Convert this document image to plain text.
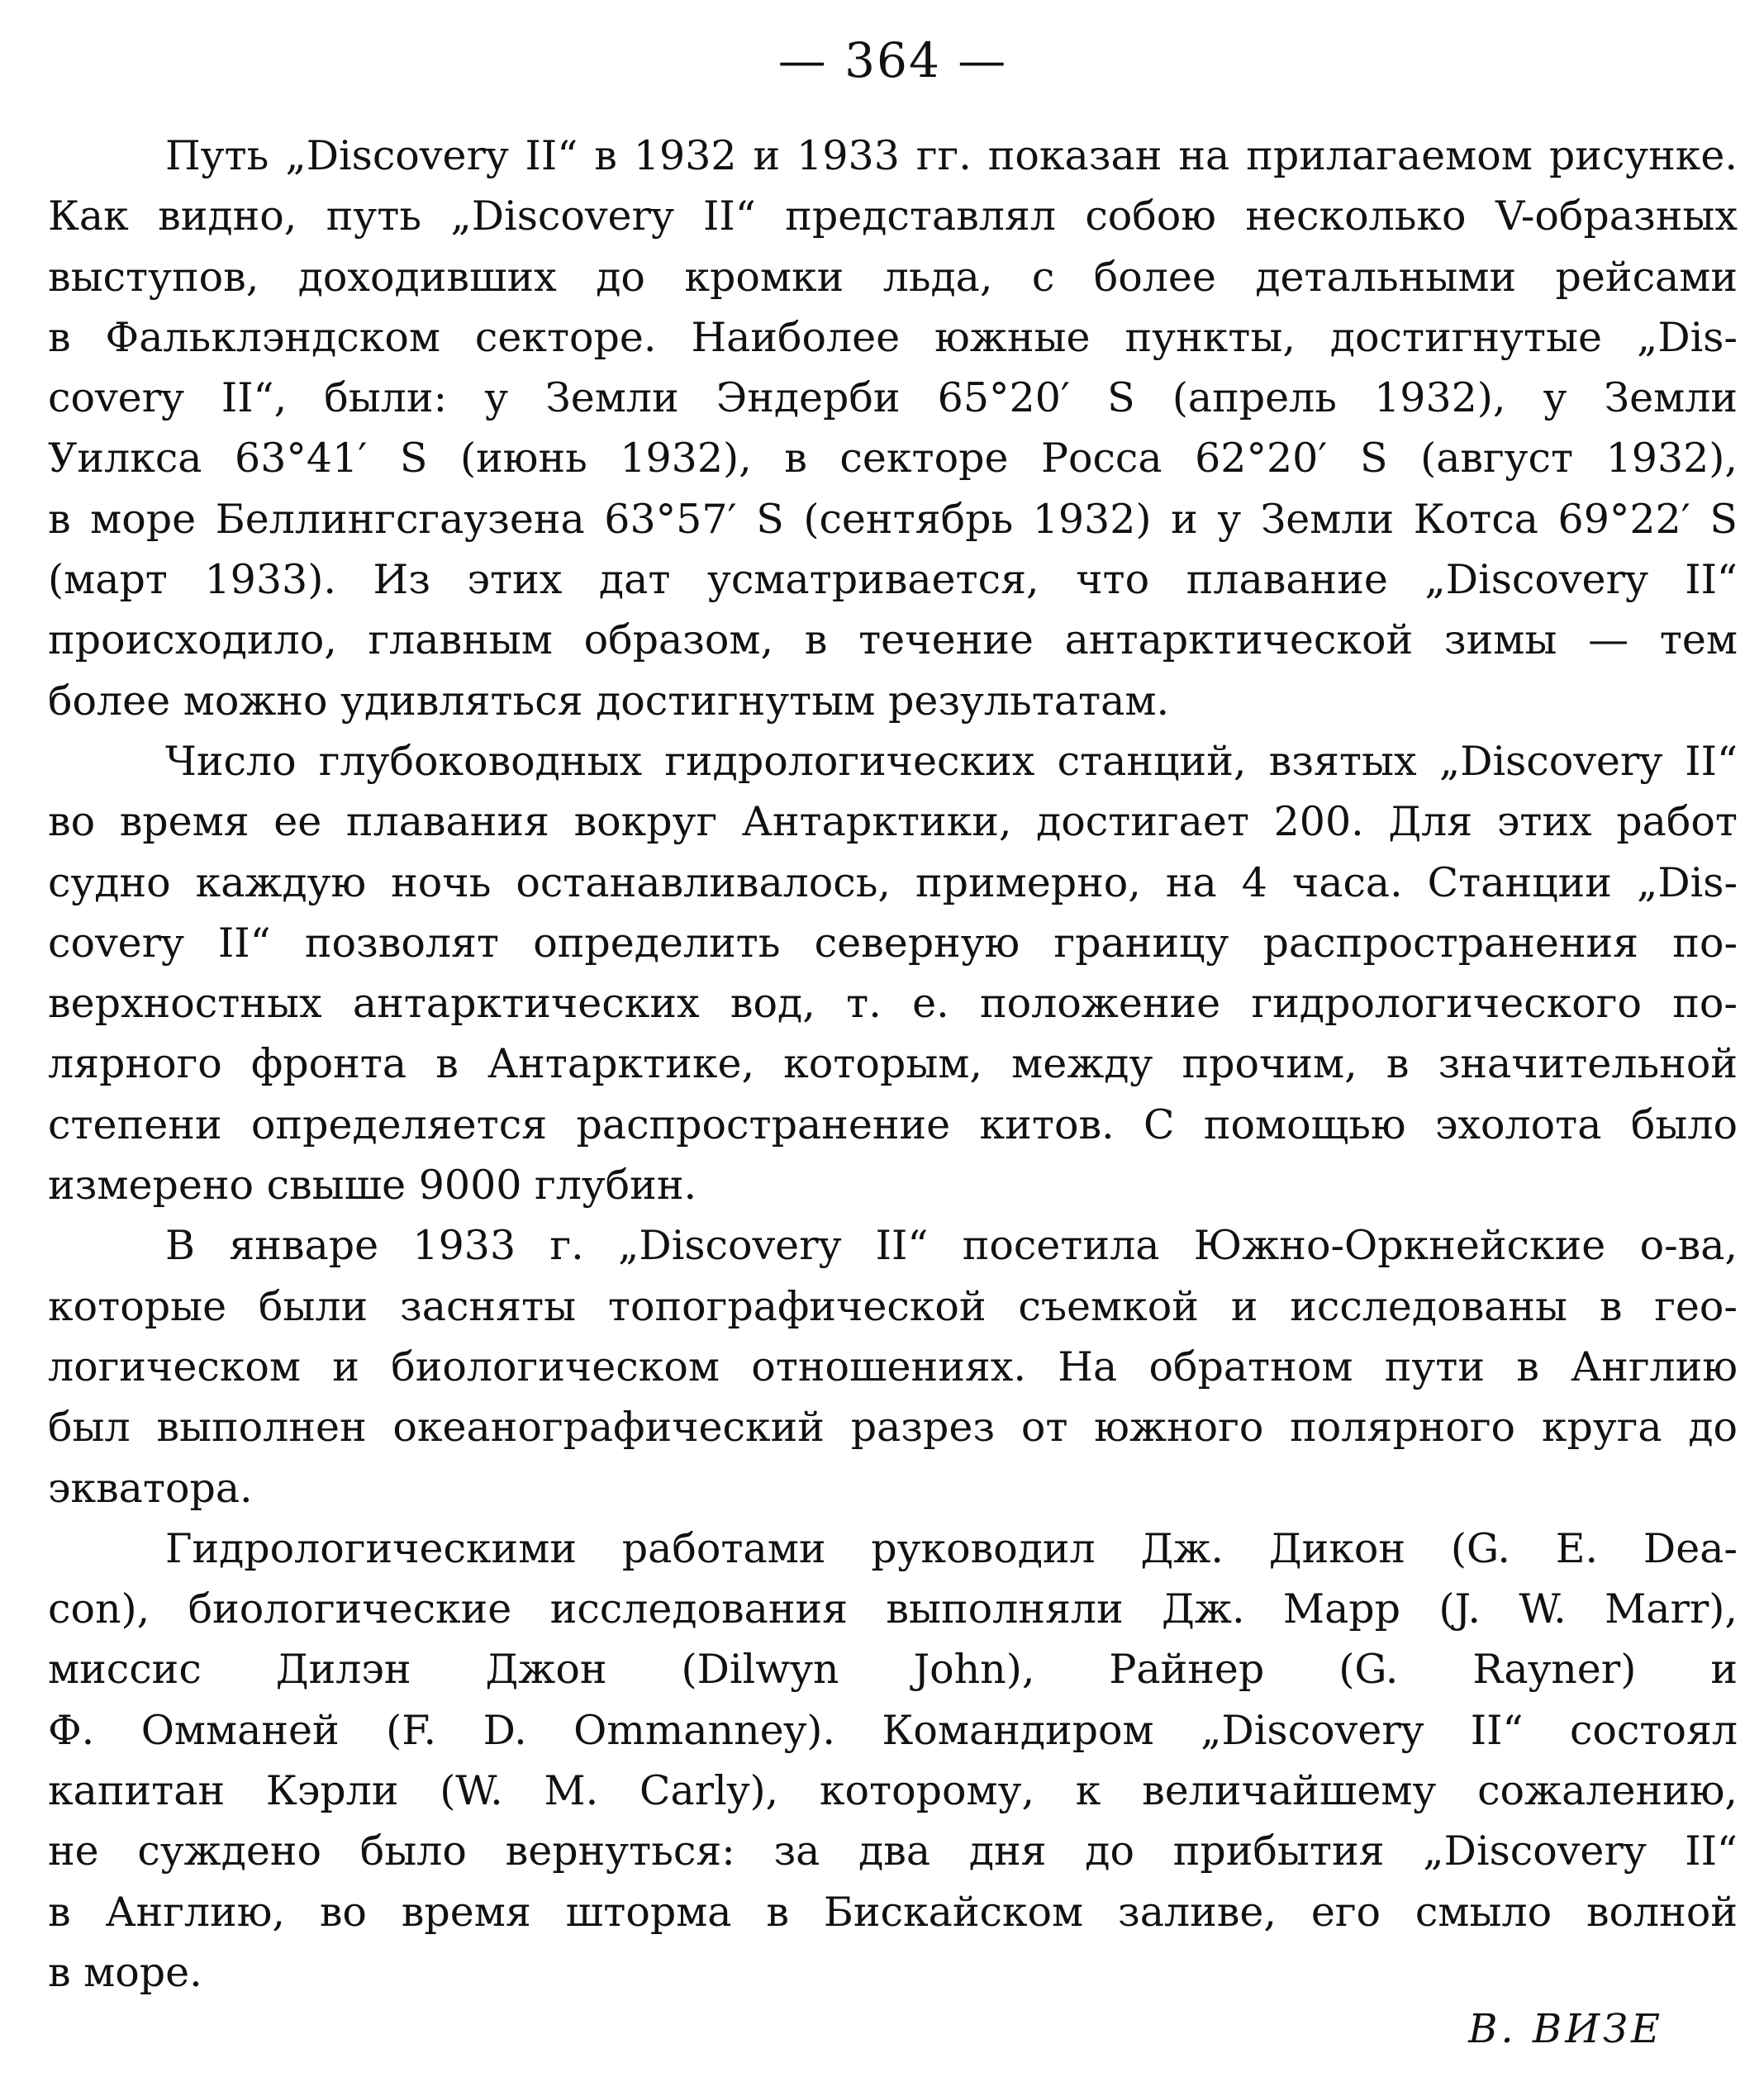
— 364 —

Путь „Discovery II“ в 1932 и 1933 гг. показан на прилагаемом рисунке.

Как видно, путь „Discovery II“ представлял собою несколько V-образных

выступов, доходивших до кромки льда, с более детальными рейсами

в Фальклэндском секторе. Наиболее южные пункты, достигнутые „Dis-

covery II“, были: у Земли Эндерби 65°20′ S (апрель 1932), у Земли

Уилкса 63°41′ S (июнь 1932), в секторе Росса 62°20′ S (август 1932),

в море Беллингсгаузена 63°57′ S (сентябрь 1932) и у Земли Котса 69°22′ S

(март 1933). Из этих дат усматривается, что плавание „Discovery II“

происходило, главным образом, в течение антарктической зимы — тем

более можно удивляться достигнутым результатам.

Число глубоководных гидрологических станций, взятых „Discovery II“

во время ее плавания вокруг Антарктики, достигает 200. Для этих работ

судно каждую ночь останавливалось, примерно, на 4 часа. Станции „Dis-

covery II“ позволят определить северную границу распространения по-

верхностных антарктических вод, т. е. положение гидрологического по-

лярного фронта в Антарктике, которым, между прочим, в значительной

степени определяется распространение китов. С помощью эхолота было

измерено свыше 9000 глубин.

В январе 1933 г. „Discovery II“ посетила Южно-Оркнейские о-ва,

которые были засняты топографической съемкой и исследованы в гео-

логическом и биологическом отношениях. На обратном пути в Англию

был выполнен океанографический разрез от южного полярного круга до

экватора.

Гидрологическими работами руководил Дж. Дикон (G. E. Dea-

con), биологические исследования выполняли Дж. Марр (J. W. Marr),

миссис Дилэн Джон (Dilwyn John), Райнер (G. Rayner) и

Ф. Омманей (F. D. Ommanney). Командиром „Discovery II“ состоял

капитан Кэрли (W. M. Carly), которому, к величайшему сожалению,

не суждено было вернуться: за два дня до прибытия „Discovery II“

в Англию, во время шторма в Бискайском заливе, его смыло волной

в море.

В. ВИЗЕ
